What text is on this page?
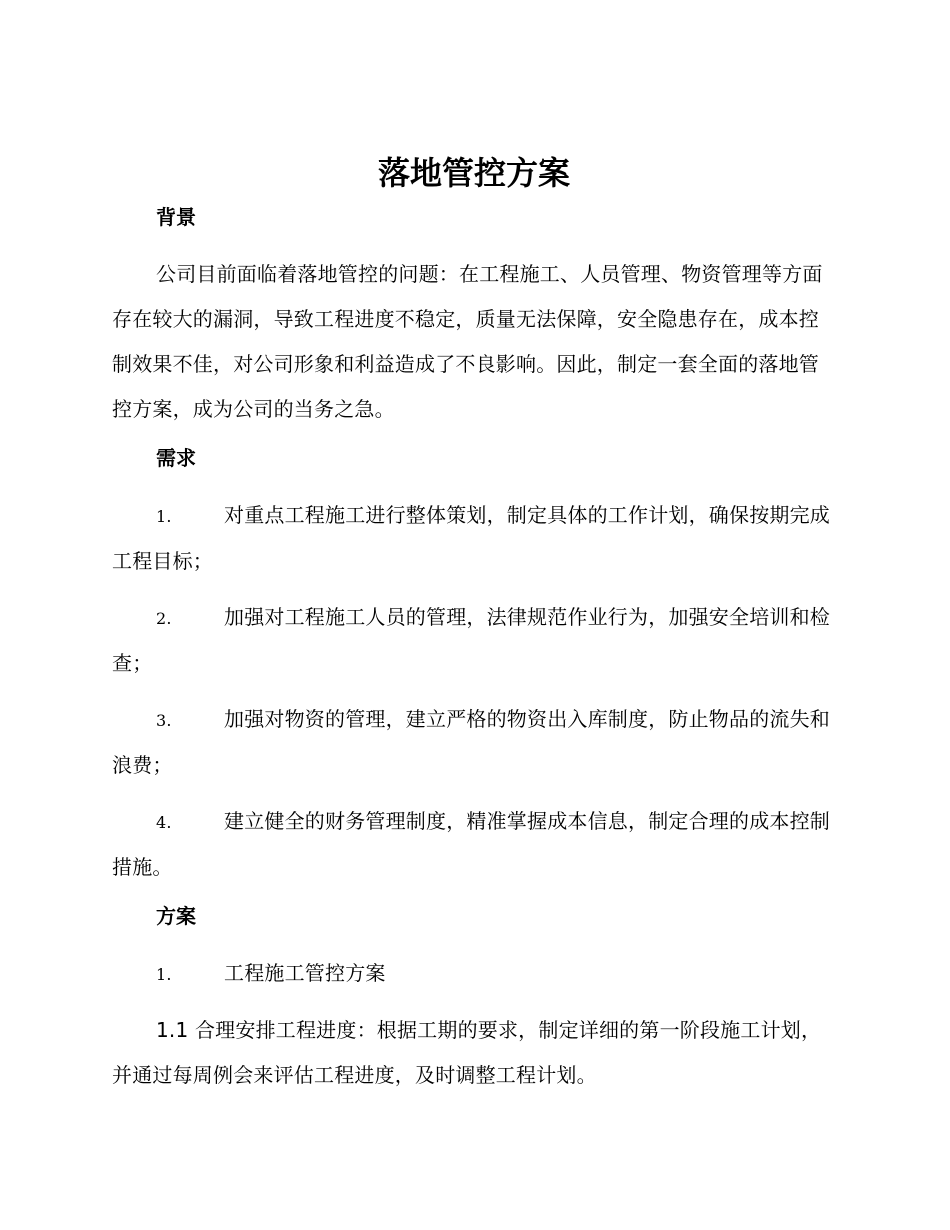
落地管控方案
背景

公司目前面临着落地管控的问题：在工程施工、人员管理、物资管理等方面存在较大的漏洞，导致工程进度不稳定，质量无法保障，安全隐患存在，成本控制效果不佳，对公司形象和利益造成了不良影响。因此，制定一套全面的落地管控方案，成为公司的当务之急。

需求

1.	对重点工程施工进行整体策划，制定具体的工作计划，确保按期完成工程目标；

2.	加强对工程施工人员的管理，法律规范作业行为，加强安全培训和检查；

3.	加强对物资的管理，建立严格的物资出入库制度，防止物品的流失和浪费；

4.	建立健全的财务管理制度，精准掌握成本信息，制定合理的成本控制措施。

方案

1.	工程施工管控方案

1.1 合理安排工程进度：根据工期的要求，制定详细的第一阶段施工计划，并通过每周例会来评估工程进度，及时调整工程计划。
